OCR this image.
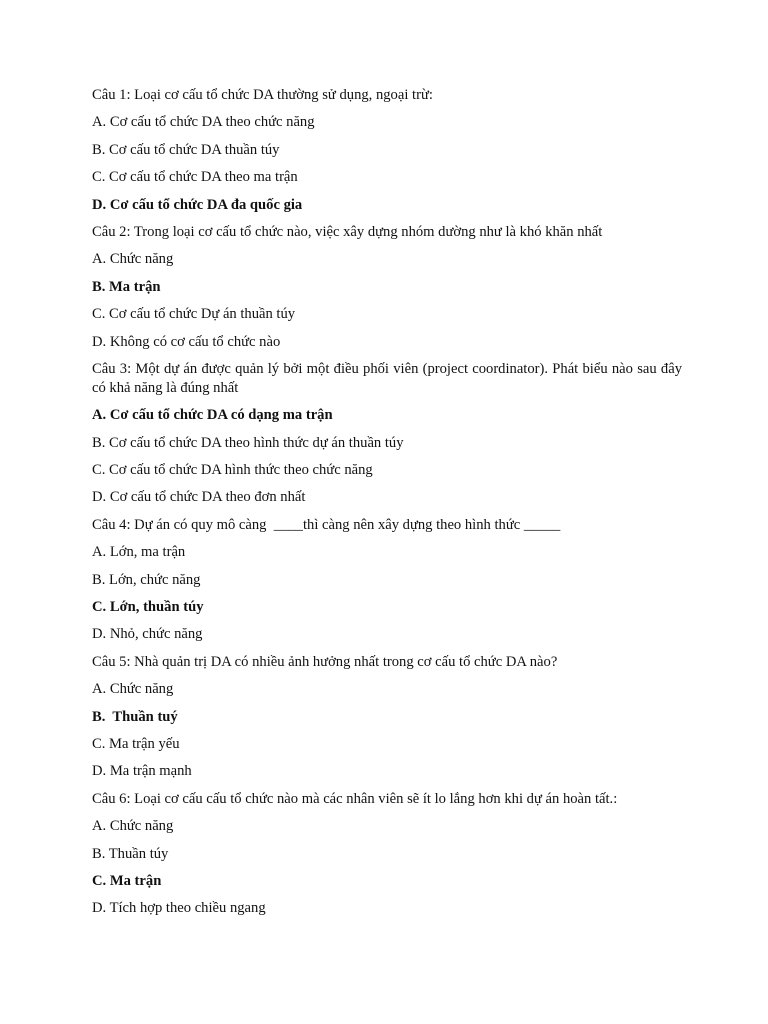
Câu 1: Loại cơ cấu tổ chức DA thường sử dụng, ngoại trừ:

A. Cơ cấu tổ chức DA theo chức năng

B. Cơ cấu tổ chức DA thuần túy

C. Cơ cấu tổ chức DA theo ma trận

D. Cơ cấu tổ chức DA đa quốc gia

Câu 2: Trong loại cơ cấu tổ chức nào, việc xây dựng nhóm dường như là khó khăn nhất

A. Chức năng

B. Ma trận

C. Cơ cấu tổ chức Dự án thuần túy

D. Không có cơ cấu tổ chức nào

Câu 3: Một dự án được quản lý bởi một điều phối viên (project coordinator). Phát biểu nào sau đây có khả năng là đúng nhất

A. Cơ cấu tổ chức DA có dạng ma trận

B. Cơ cấu tổ chức DA theo hình thức dự án thuần túy

C. Cơ cấu tổ chức DA hình thức theo chức năng

D. Cơ cấu tổ chức DA theo đơn nhất

Câu 4: Dự án có quy mô càng  ____thì càng nên xây dựng theo hình thức _____

A. Lớn, ma trận

B. Lớn, chức năng

C. Lớn, thuần túy

D. Nhỏ, chức năng

Câu 5: Nhà quản trị DA có nhiều ảnh hưởng nhất trong cơ cấu tổ chức DA nào?

A. Chức năng

B.  Thuần tuý

C. Ma trận yếu

D. Ma trận mạnh

Câu 6: Loại cơ cấu cấu tổ chức nào mà các nhân viên sẽ ít lo lắng hơn khi dự án hoàn tất.:

A. Chức năng

B. Thuần túy

C. Ma trận

D. Tích hợp theo chiều ngang
